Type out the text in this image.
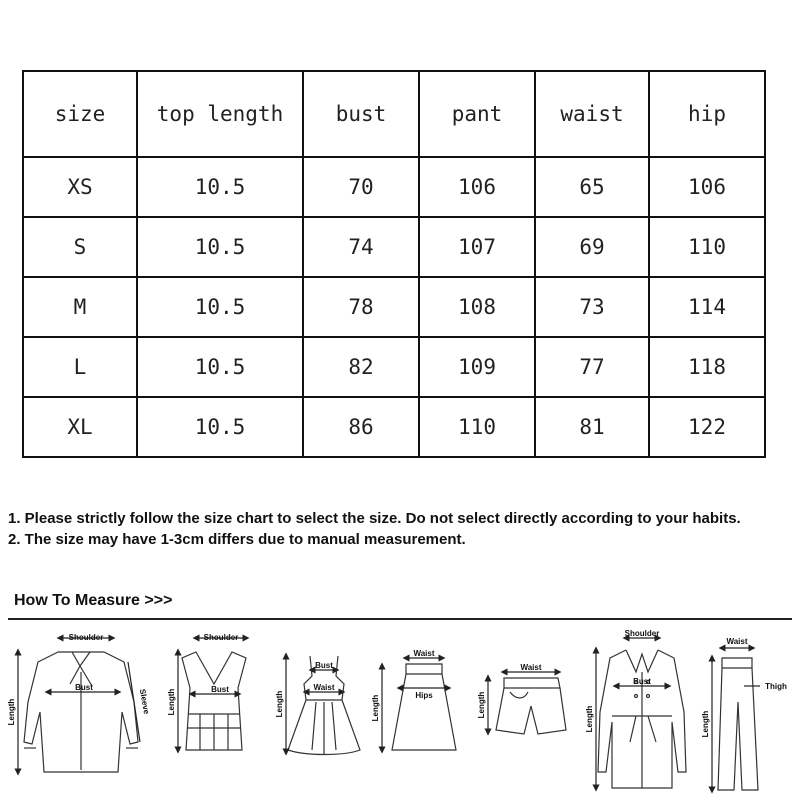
size	top length	bust	pant	waist	hip
XS	10.5	70	106	65	106
S	10.5	74	107	69	110
M	10.5	78	108	73	114
L	10.5	82	109	77	118
XL	10.5	86	110	81	122

1. Please strictly follow the size chart to select the size. Do not select directly according to your habits.

2. The size may have 1-3cm differs due to manual measurement.

How To Measure >>>
Shoulder
Length
Bust
Sleeve
Shoulder
Length	Bust
Bust
Waist
Length
Waist
Hips
Length
Waist
Length
Shoulder
Bust
Length
Waist
Thigh
Length
